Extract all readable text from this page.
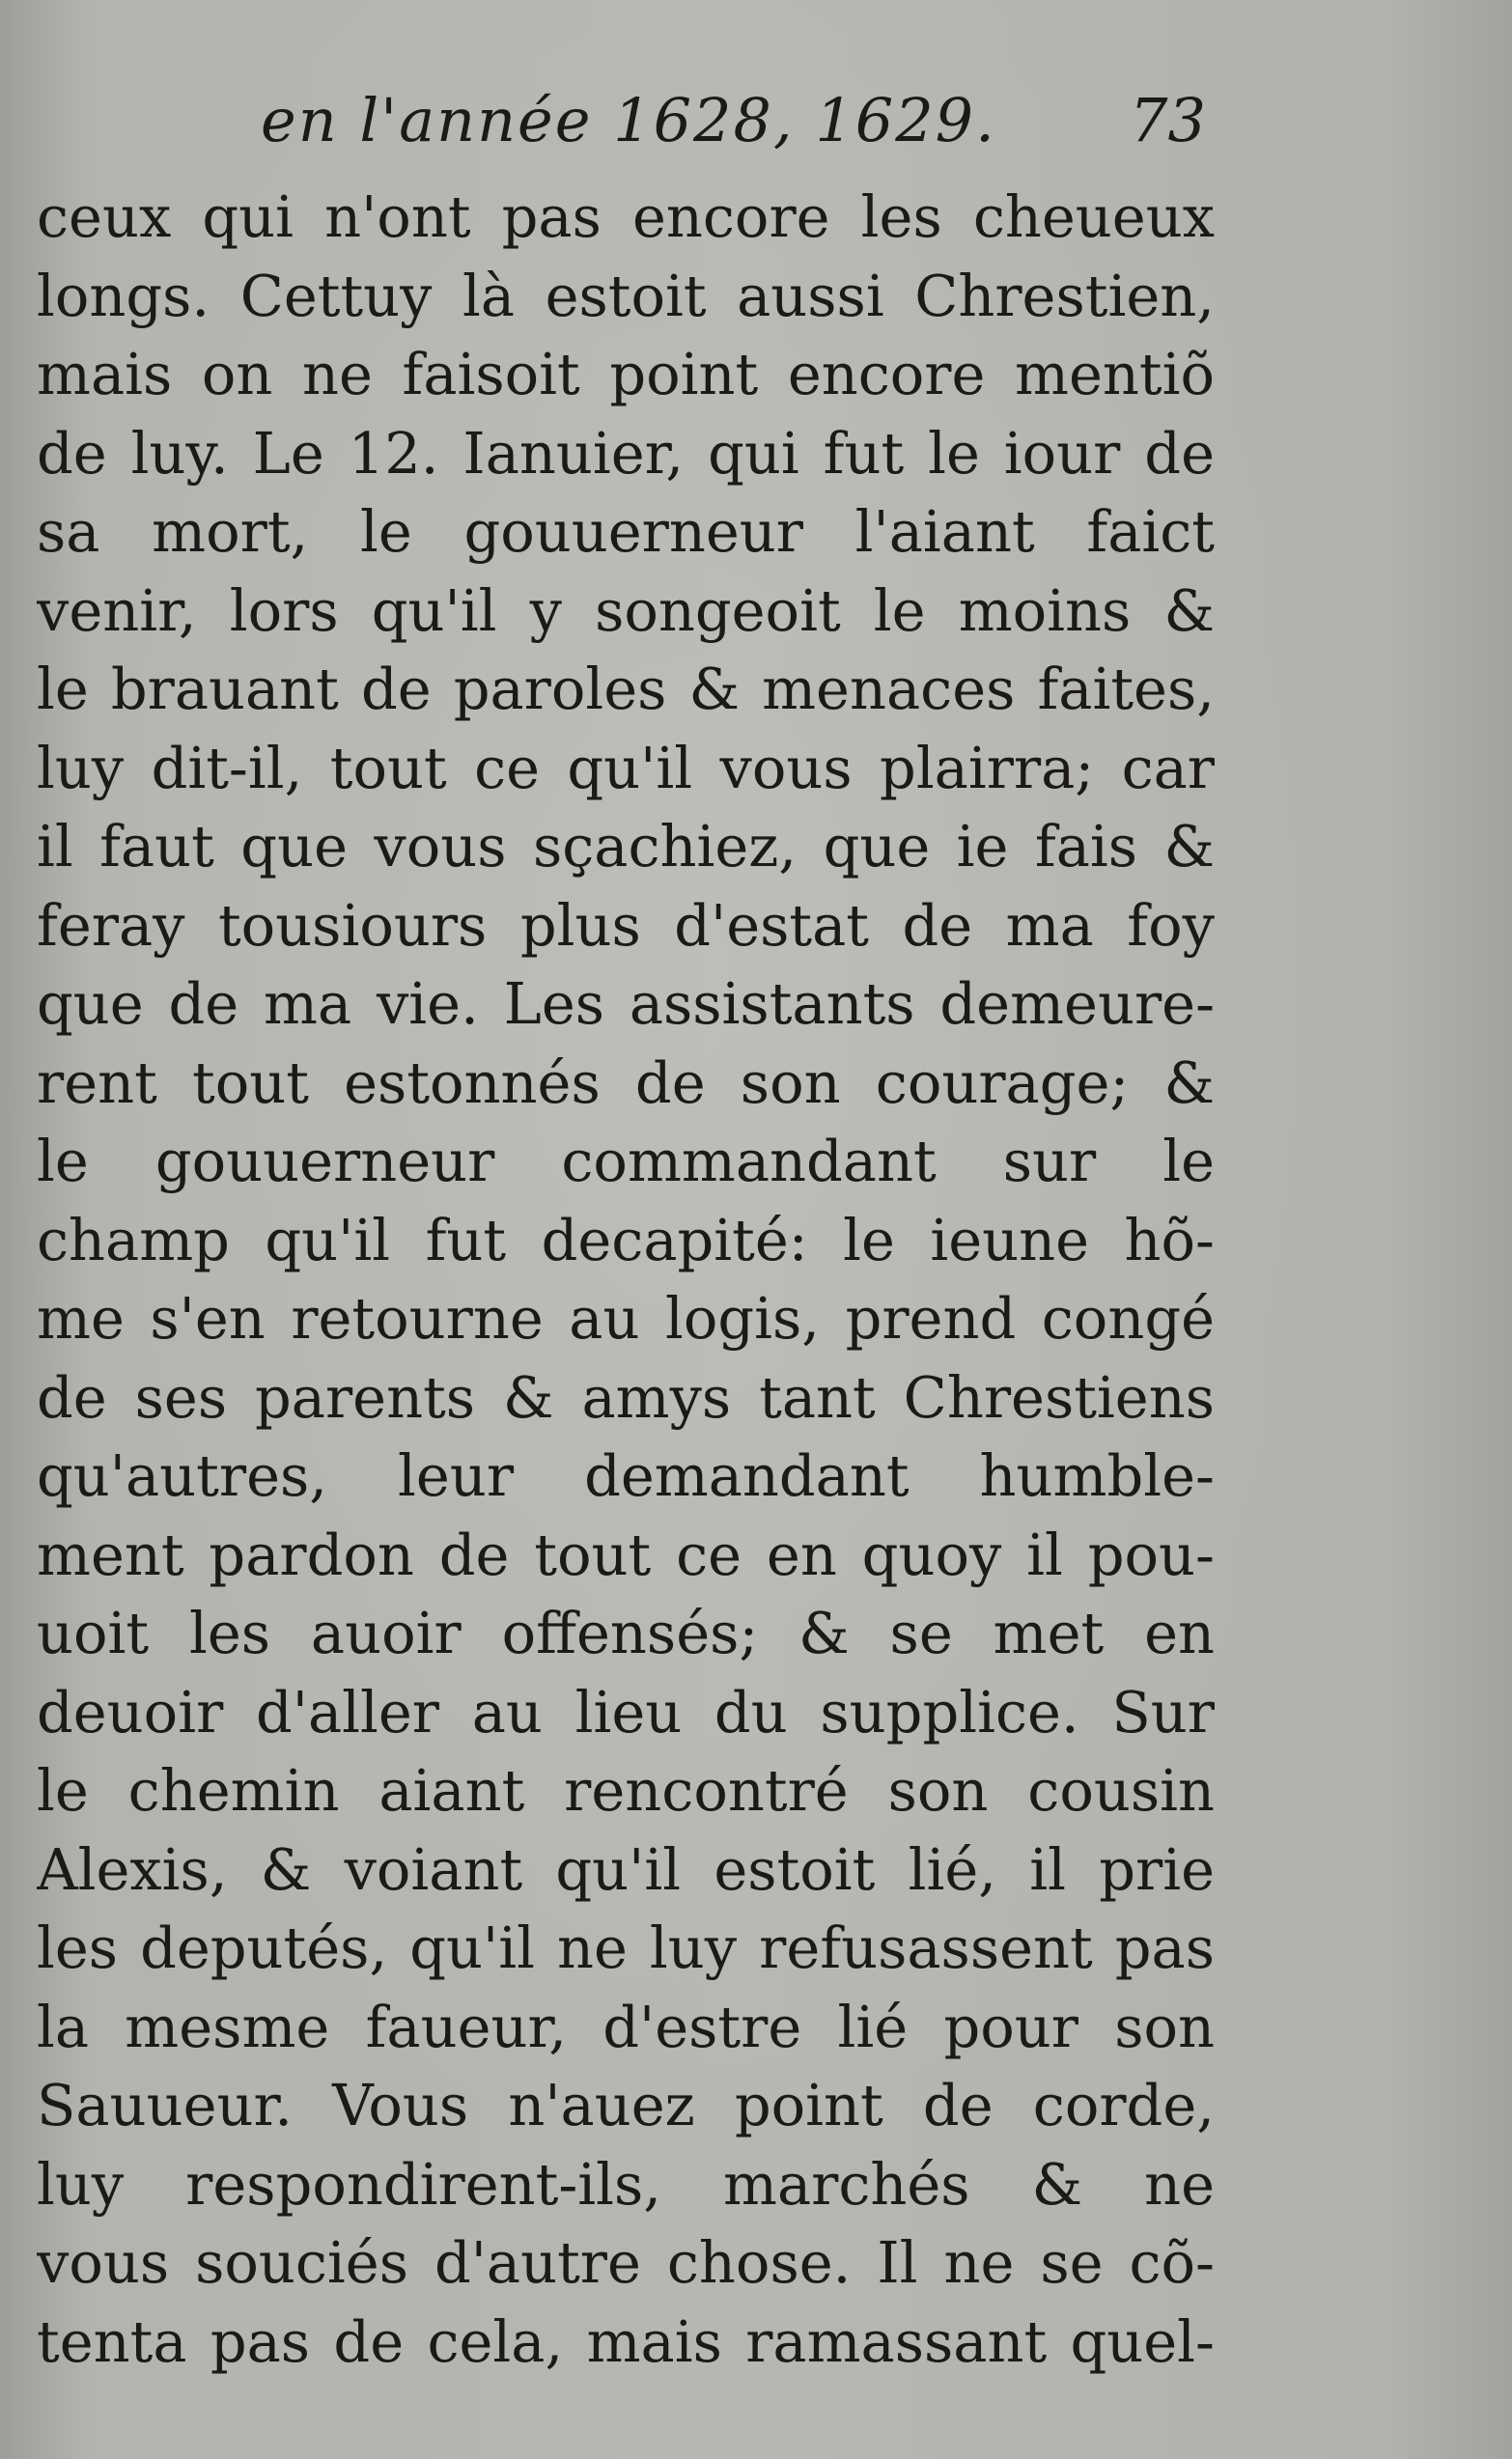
en l'année 1628, 1629. 73
ceux qui n'ont pas encore les cheueux
longs. Cettuy là estoit aussi Chrestien,
mais on ne faisoit point encore mentiõ
de luy. Le 12. Ianuier, qui fut le iour de
sa mort, le gouuerneur l'aiant faict
venir, lors qu'il y songeoit le moins &
le brauant de paroles & menaces faites,
luy dit-il, tout ce qu'il vous plairra; car
il faut que vous sçachiez, que ie fais &
feray tousiours plus d'estat de ma foy
que de ma vie. Les assistants demeure-
rent tout estonnés de son courage; &
le gouuerneur commandant sur le
champ qu'il fut decapité: le ieune hõ-
me s'en retourne au logis, prend congé
de ses parents & amys tant Chrestiens
qu'autres, leur demandant humble-
ment pardon de tout ce en quoy il pou-
uoit les auoir offensés; & se met en
deuoir d'aller au lieu du supplice. Sur
le chemin aiant rencontré son cousin
Alexis, & voiant qu'il estoit lié, il prie
les deputés, qu'il ne luy refusassent pas
la mesme faueur, d'estre lié pour son
Sauueur. Vous n'auez point de corde,
luy respondirent-ils, marchés & ne
vous souciés d'autre chose. Il ne se cõ-
tenta pas de cela, mais ramassant quel-
